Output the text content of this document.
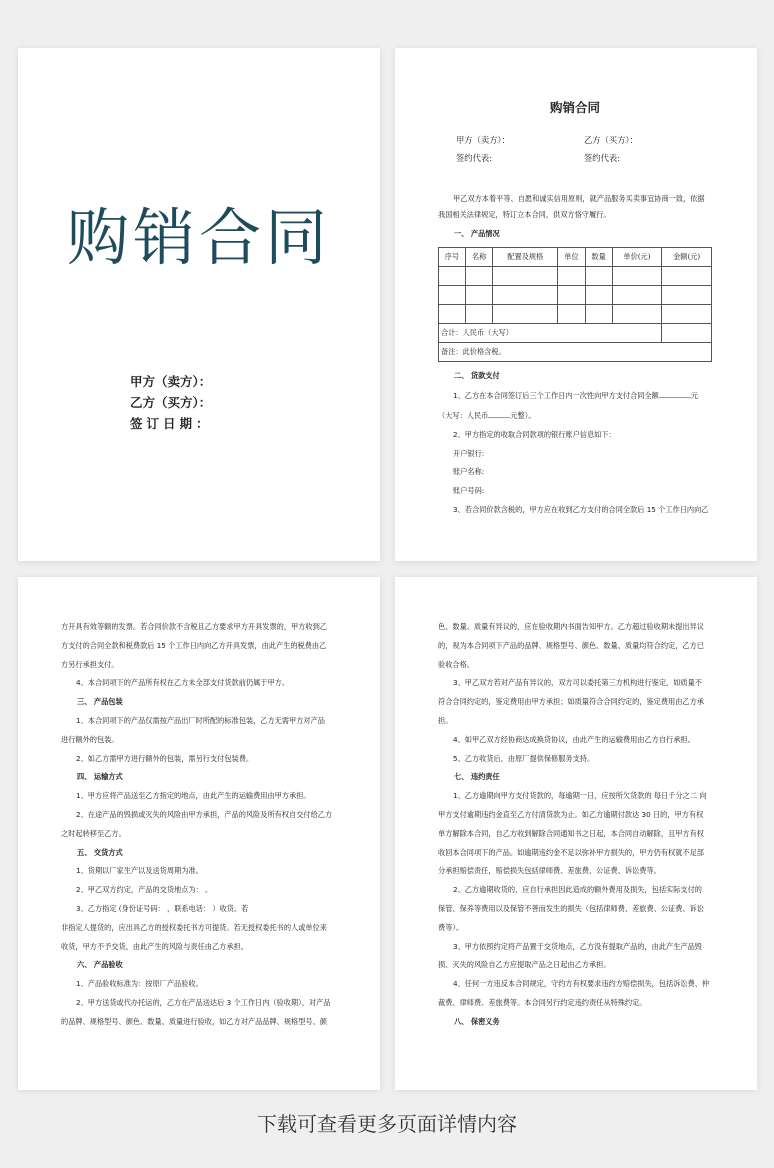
购销合同
甲方（卖方）：
乙方（买方）：
签订日期：
购销合同
甲方（卖方）：	乙方（买方）：
签约代表:	签约代表:
甲乙双方本着平等、自愿和诚实信用原则，就产品服务买卖事宜协商一致，依据
我国相关法律规定，特订立本合同，供双方恪守履行。
一、 产品情况
序号	名称	配置及规格	单位	数量	单价(元)	金额(元)

合计：人民币（大写）						
备注：此价格含税。						
二、 货款支付
1、乙方在本合同签订后三个工作日内一次性向甲方支付合同全额	元
（大写：人民币	元整）。
2、甲方指定的收取合同款项的银行账户信息如下：
开户银行:
账户名称:
账户号码:
3、若合同价款含税的，甲方应在收到乙方支付的合同全款后 15 个工作日内向乙
方开具有效等额的发票。若合同价款不含税且乙方要求甲方开具发票的，甲方收到乙
方支付的合同全款和税费款后 15 个工作日内向乙方开具发票，由此产生的税费由乙
方另行承担支付。
4、本合同项下的产品所有权在乙方未全部支付货款前仍属于甲方。
三、 产品包装
1、本合同项下的产品仅需按产品出厂时所配的标准包装，乙方无需甲方对产品
进行额外的包装。
2、如乙方需甲方进行额外的包装，需另行支付包装费。
四、 运输方式
1、甲方应将产品送至乙方指定的地点，由此产生的运输费用由甲方承担。
2、在途产品的毁损或灭失的风险由甲方承担，产品的风险及所有权自交付给乙方
之时起转移至乙方。
五、 交货方式
1、货期以厂家生产以及送货周期为准。
2、甲乙双方约定，产品的交货地点为： 。
3、乙方指定 (身份证号码： ，联系电话： ）收货。若
非指定人提货的，应出具乙方的授权委托书方可提货。若无授权委托书的人或单位来
收货，甲方不予交货，由此产生的风险与责任由乙方承担。
六、 产品验收
1、产品验收标准为：按原厂产品验收。
2、甲方送货或代办托运的，乙方在产品送达后 3 个工作日内（验收期），对产品
的品牌、规格型号、颜色、数量、质量进行验收，如乙方对产品品牌、规格型号、颜
色、数量、质量有异议的，应在验收期内书面告知甲方。乙方超过验收期未提出异议
的，视为本合同项下产品的品牌、规格型号、颜色、数量、质量均符合约定，乙方已
验收合格。
3、甲乙双方若对产品有异议的，双方可以委托第三方机构进行鉴定，如质量不
符合合同约定的，鉴定费用由甲方承担；如质量符合合同约定的，鉴定费用由乙方承
担。
4、如甲乙双方经协商达成换货协议，由此产生的运输费用由乙方自行承担。
5、乙方收货后，由原厂提供保修服务支持。
七、 违约责任
1、乙方逾期向甲方支付货款的，每逾期一日，应按所欠货款的 每日千分之二 向
甲方支付逾期违约金直至乙方付清货款为止。如乙方逾期付款达 30 日的，甲方有权
单方解除本合同，自乙方收到解除合同通知书之日起，本合同自动解除，且甲方有权
收回本合同项下的产品。如逾期违约金不足以弥补甲方损失的，甲方仍有权就不足部
分承担赔偿责任，赔偿损失包括律师费、差旅费、公证费、诉讼费等。
2、乙方逾期收货的，应自行承担因此造成的额外费用及损失，包括实际支付的
保管、保养等费用以及保管不善而发生的损失（包括律师费、差旅费、公证费、诉讼
费等）。
3、甲方依照约定将产品置于交货地点，乙方没有提取产品的，由此产生产品毁
损、灭失的风险自乙方应提取产品之日起由乙方承担。
4、任何一方违反本合同规定，守约方有权要求违约方赔偿损失，包括诉讼费、仲
裁费、律师费、差旅费等。本合同另行约定违约责任从特殊约定。
八、 保密义务
下载可查看更多页面详情内容
